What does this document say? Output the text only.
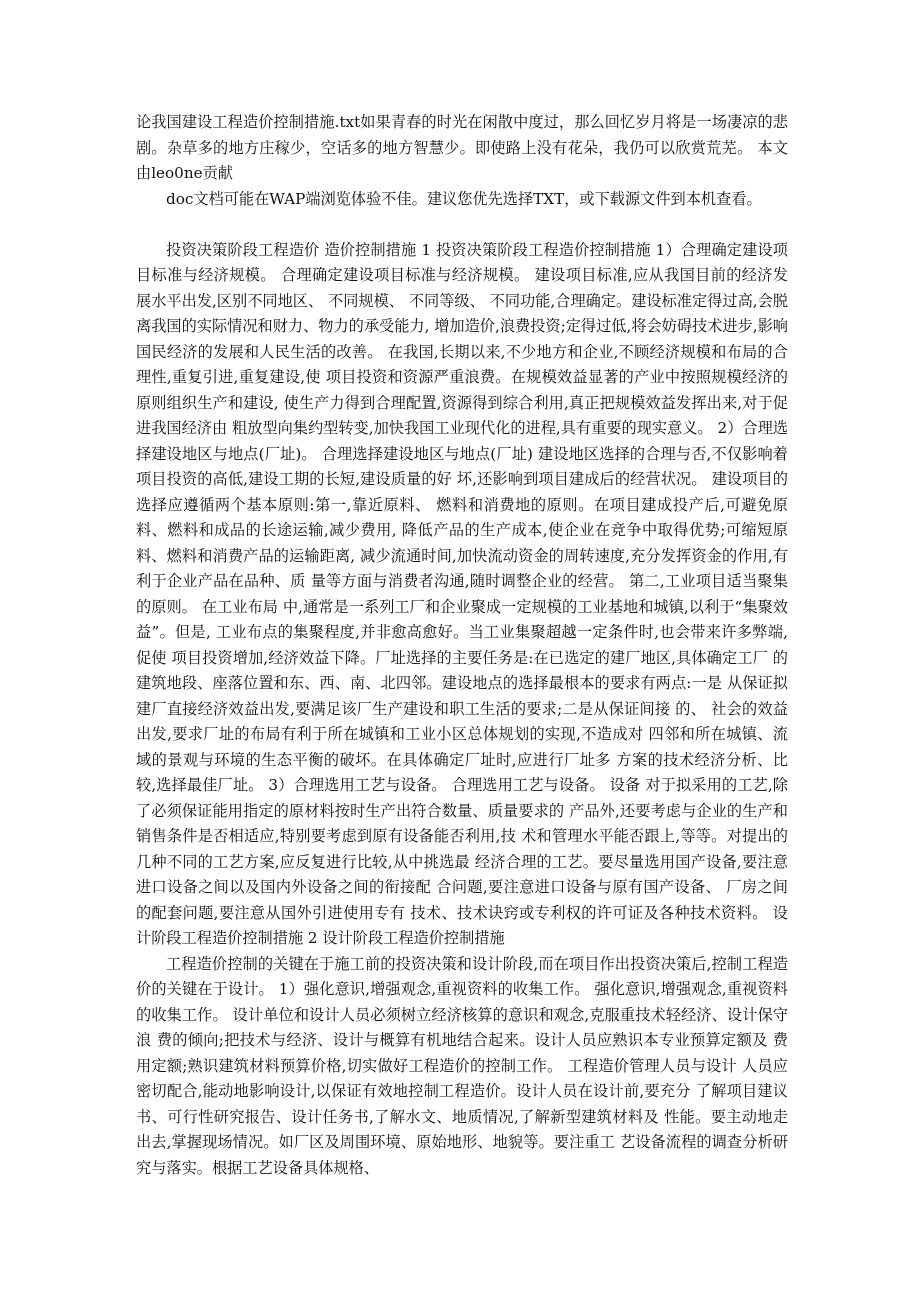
论我国建设工程造价控制措施.txt如果青春的时光在闲散中度过，那么回忆岁月将是一场凄凉的悲剧。杂草多的地方庄稼少，空话多的地方智慧少。即使路上没有花朵，我仍可以欣赏荒芜。 本文由leo0ne贡献

doc文档可能在WAP端浏览体验不佳。建议您优先选择TXT，或下载源文件到本机查看。

投资决策阶段工程造价 造价控制措施 1 投资决策阶段工程造价控制措施 1）合理确定建设项目标准与经济规模。 合理确定建设项目标准与经济规模。 建设项目标准,应从我国目前的经济发展水平出发,区别不同地区、 不同规模、 不同等级、 不同功能,合理确定。建设标准定得过高,会脱离我国的实际情况和财力、物力的承受能力, 增加造价,浪费投资;定得过低,将会妨碍技术进步,影响国民经济的发展和人民生活的改善。 在我国,长期以来,不少地方和企业,不顾经济规模和布局的合理性,重复引进,重复建设,使 项目投资和资源严重浪费。在规模效益显著的产业中按照规模经济的原则组织生产和建设, 使生产力得到合理配置,资源得到综合利用,真正把规模效益发挥出来,对于促进我国经济由 粗放型向集约型转变,加快我国工业现代化的进程,具有重要的现实意义。 2）合理选择建设地区与地点(厂址)。 合理选择建设地区与地点(厂址) 建设地区选择的合理与否,不仅影响着项目投资的高低,建设工期的长短,建设质量的好 坏,还影响到项目建成后的经营状况。 建设项目的选择应遵循两个基本原则:第一,靠近原料、 燃料和消费地的原则。在项目建成投产后,可避免原料、燃料和成品的长途运输,减少费用, 降低产品的生产成本,使企业在竞争中取得优势;可缩短原料、燃料和消费产品的运输距离, 减少流通时间,加快流动资金的周转速度,充分发挥资金的作用,有利于企业产品在品种、质 量等方面与消费者沟通,随时调整企业的经营。 第二,工业项目适当聚集的原则。 在工业布局 中,通常是一系列工厂和企业聚成一定规模的工业基地和城镇,以利于“集聚效益”。但是, 工业布点的集聚程度,并非愈高愈好。当工业集聚超越一定条件时,也会带来许多弊端,促使 项目投资增加,经济效益下降。厂址选择的主要任务是:在已选定的建厂地区,具体确定工厂 的建筑地段、座落位置和东、西、南、北四邻。建设地点的选择最根本的要求有两点:一是 从保证拟建厂直接经济效益出发,要满足该厂生产建设和职工生活的要求;二是从保证间接 的、 社会的效益出发,要求厂址的布局有利于所在城镇和工业小区总体规划的实现,不造成对 四邻和所在城镇、流域的景观与环境的生态平衡的破坏。在具体确定厂址时,应进行厂址多 方案的技术经济分析、比较,选择最佳厂址。 3）合理选用工艺与设备。 合理选用工艺与设备。 设备 对于拟采用的工艺,除了必须保证能用指定的原材料按时生产出符合数量、质量要求的 产品外,还要考虑与企业的生产和销售条件是否相适应,特别要考虑到原有设备能否利用,技 术和管理水平能否跟上,等等。对提出的几种不同的工艺方案,应反复进行比较,从中挑选最 经济合理的工艺。要尽量选用国产设备,要注意进口设备之间以及国内外设备之间的衔接配 合问题,要注意进口设备与原有国产设备、 厂房之间的配套问题,要注意从国外引进使用专有 技术、技术诀窍或专利权的许可证及各种技术资料。 设计阶段工程造价控制措施 2 设计阶段工程造价控制措施

工程造价控制的关键在于施工前的投资决策和设计阶段,而在项目作出投资决策后,控制工程造价的关键在于设计。 1）强化意识,增强观念,重视资料的收集工作。 强化意识,增强观念,重视资料的收集工作。 设计单位和设计人员必须树立经济核算的意识和观念,克服重技术轻经济、设计保守浪 费的倾向;把技术与经济、设计与概算有机地结合起来。设计人员应熟识本专业预算定额及 费用定额;熟识建筑材料预算价格,切实做好工程造价的控制工作。 工程造价管理人员与设计 人员应密切配合,能动地影响设计,以保证有效地控制工程造价。设计人员在设计前,要充分 了解项目建议书、可行性研究报告、设计任务书,了解水文、地质情况,了解新型建筑材料及 性能。要主动地走出去,掌握现场情况。如厂区及周围环境、原始地形、地貌等。要注重工 艺设备流程的调查分析研究与落实。根据工艺设备具体规格、
